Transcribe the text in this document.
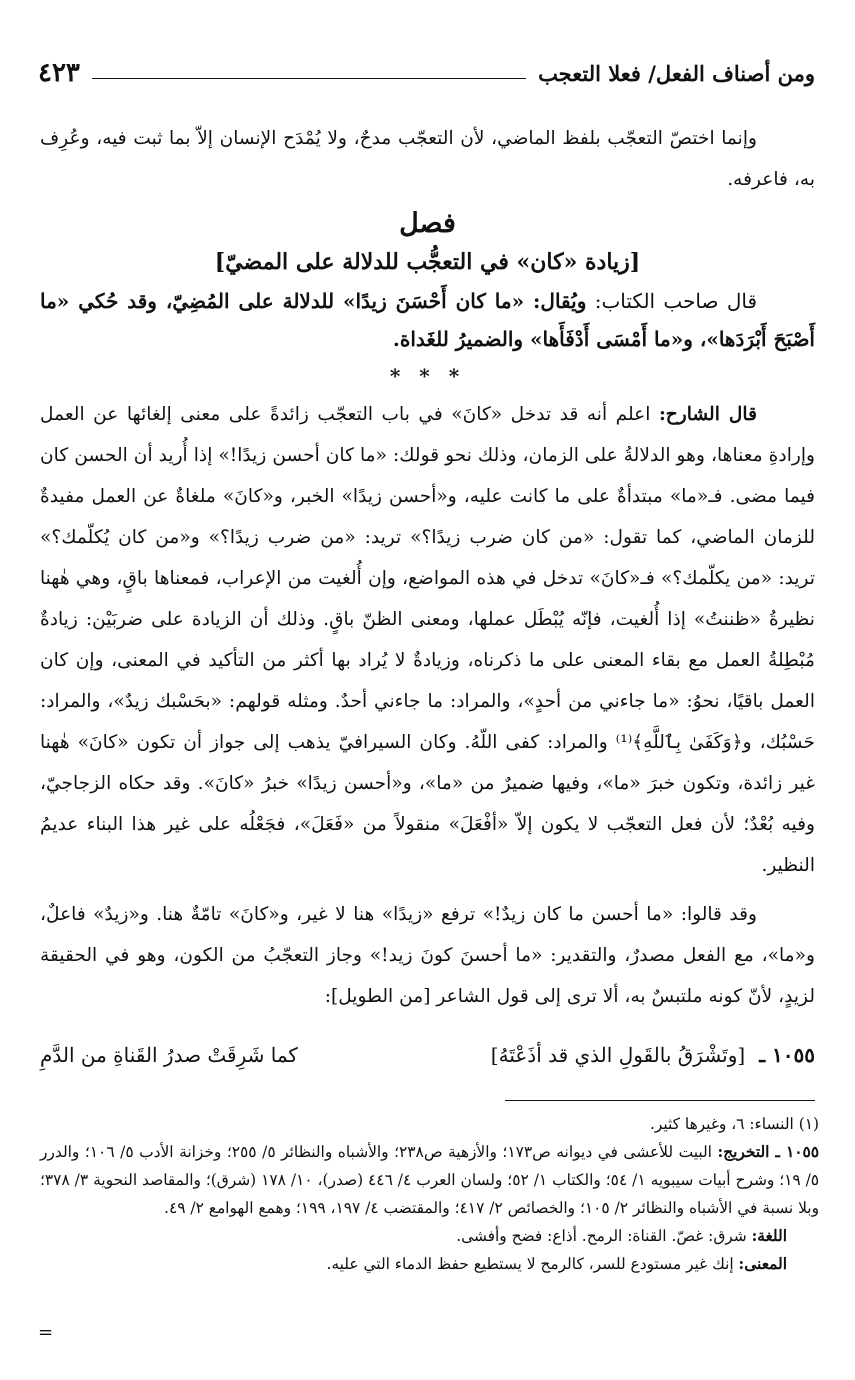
ومن أصناف الفعل/ فعلا التعجب
٤٢٣

وإنما اختصّ التعجّب بلفظ الماضي، لأن التعجّب مدحٌ، ولا يُمْدَح الإنسان إلاّ بما ثبت فيه، وعُرِف به، فاعرفه.

فصل

[زيادة «كان» في التعجُّب للدلالة على المضيّ]

قال صاحب الكتاب: ويُقال: «ما كان أَحْسَنَ زيدًا» للدلالة على المُضِيّ، وقد حُكي «ما أَصْبَحَ أَبْرَدَها»، و«ما أَمْسَى أَدْفَأَها» والضميرُ للغَداة.

* * *

قال الشارح: اعلم أنه قد تدخل «كانَ» في باب التعجّب زائدةً على معنى إلغائها عن العمل وإرادةِ معناها، وهو الدلالةُ على الزمان، وذلك نحو قولك: «ما كان أحسن زيدًا!» إذا أُريد أن الحسن كان فيما مضى. فـ«ما» مبتدأةٌ على ما كانت عليه، و«أحسن زيدًا» الخبر، و«كانَ» ملغاةٌ عن العمل مفيدةٌ للزمان الماضي، كما تقول: «من كان ضرب زيدًا؟» تريد: «من ضرب زيدًا؟» و«من كان يُكلّمك؟» تريد: «من يكلّمك؟» فـ«كانَ» تدخل في هذه المواضع، وإن أُلغيت من الإعراب، فمعناها باقٍ، وهي هٰهنا نظيرةُ «ظننتُ» إذا أُلغيت، فإنّه يُبْطَل عملها، ومعنى الظنّ باقٍ. وذلك أن الزيادة على ضربَيْن: زيادةٌ مُبْطِلةُ العمل مع بقاء المعنى على ما ذكرناه، وزيادةٌ لا يُراد بها أكثر من التأكيد في المعنى، وإن كان العمل باقيًا، نحوُ: «ما جاءني من أحدٍ»، والمراد: ما جاءني أحدٌ. ومثله قولهم: «بحَسْبك زيدٌ»، والمراد: حَسْبُك، و﴿وَكَفَىٰ بِٱللَّهِ﴾⁽¹⁾ والمراد: كفى اللّهُ. وكان السيرافيّ يذهب إلى جواز أن تكون «كانَ» هٰهنا غير زائدة، وتكون خبرَ «ما»، وفيها ضميرٌ من «ما»، و«أحسن زيدًا» خبرُ «كانَ». وقد حكاه الزجاجيّ، وفيه بُعْدٌ؛ لأن فعل التعجّب لا يكون إلاّ «أفْعَلَ» منقولاً من «فَعَلَ»، فجَعْلُه على غير هذا البناء عديمُ النظير.

وقد قالوا: «ما أحسن ما كان زيدٌ!» ترفع «زيدًا» هنا لا غير، و«كانَ» تامّةٌ هنا. و«زيدٌ» فاعلٌ، و«ما»، مع الفعل مصدرٌ، والتقدير: «ما أحسنَ كونَ زيد!» وجاز التعجّبُ من الكون، وهو في الحقيقة لزيدٍ، لأنّ كونه ملتبسٌ به، ألا ترى إلى قول الشاعر [من الطويل]:

١٠٥٥ ـ
[وتَشْرَقُ بالقَولِ الذي قد أذَعْتَهُ]
كما شَرِقَتْ صدرُ القَناةِ من الدَّمِ

(١) النساء: ٦، وغيرها كثير.

١٠٥٥ ـ التخريج: البيت للأعشى في ديوانه ص١٧٣؛ والأزهية ص٢٣٨؛ والأشباه والنظائر ٥/ ٢٥٥؛ وخزانة الأدب ٥/ ١٠٦؛ والدرر ٥/ ١٩؛ وشرح أبيات سيبويه ١/ ٥٤؛ والكتاب ١/ ٥٢؛ ولسان العرب ٤/ ٤٤٦ (صدر)، ١٠/ ١٧٨ (شرق)؛ والمقاصد النحوية ٣/ ٣٧٨؛ وبلا نسبة في الأشباه والنظائر ٢/ ١٠٥؛ والخصائص ٢/ ٤١٧؛ والمقتضب ٤/ ١٩٧، ١٩٩؛ وهمع الهوامع ٢/ ٤٩.

اللغة: شرق: غصّ. القناة: الرمح. أذاع: فضح وأفشى.

المعنى: إنك غير مستودع للسر، كالرمح لا يستطيع حفظ الدماء التي عليه.

=
